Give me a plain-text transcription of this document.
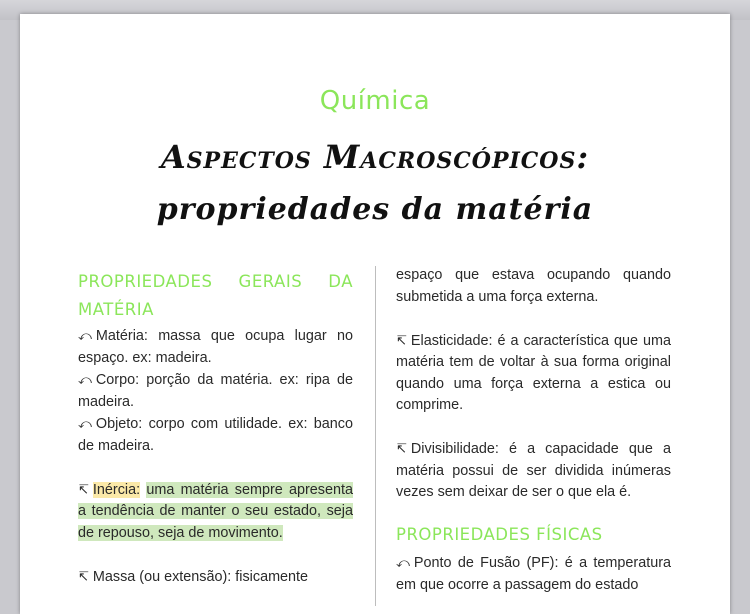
Química
Aspectos Macroscópicos:
propriedades da matéria
PROPRIEDADES GERAIS DA
MATÉRIA

⤺ Matéria: massa que ocupa lugar no espaço. ex: madeira.

⤺ Corpo: porção da matéria. ex: ripa de madeira.

⤺ Objeto: corpo com utilidade. ex: banco de madeira.

↸ Inércia: uma matéria sempre apresenta a tendência de manter o seu estado, seja de repouso, seja de movimento.

↸ Massa (ou extensão): fisicamente

espaço que estava ocupando quando submetida a uma força externa.

↸ Elasticidade: é a característica que uma matéria tem de voltar à sua forma original quando uma força externa a estica ou comprime.

↸ Divisibilidade: é a capacidade que a matéria possui de ser dividida inúmeras vezes sem deixar de ser o que ela é.

PROPRIEDADES FÍSICAS

⤺ Ponto de Fusão (PF): é a temperatura em que ocorre a passagem do estado
